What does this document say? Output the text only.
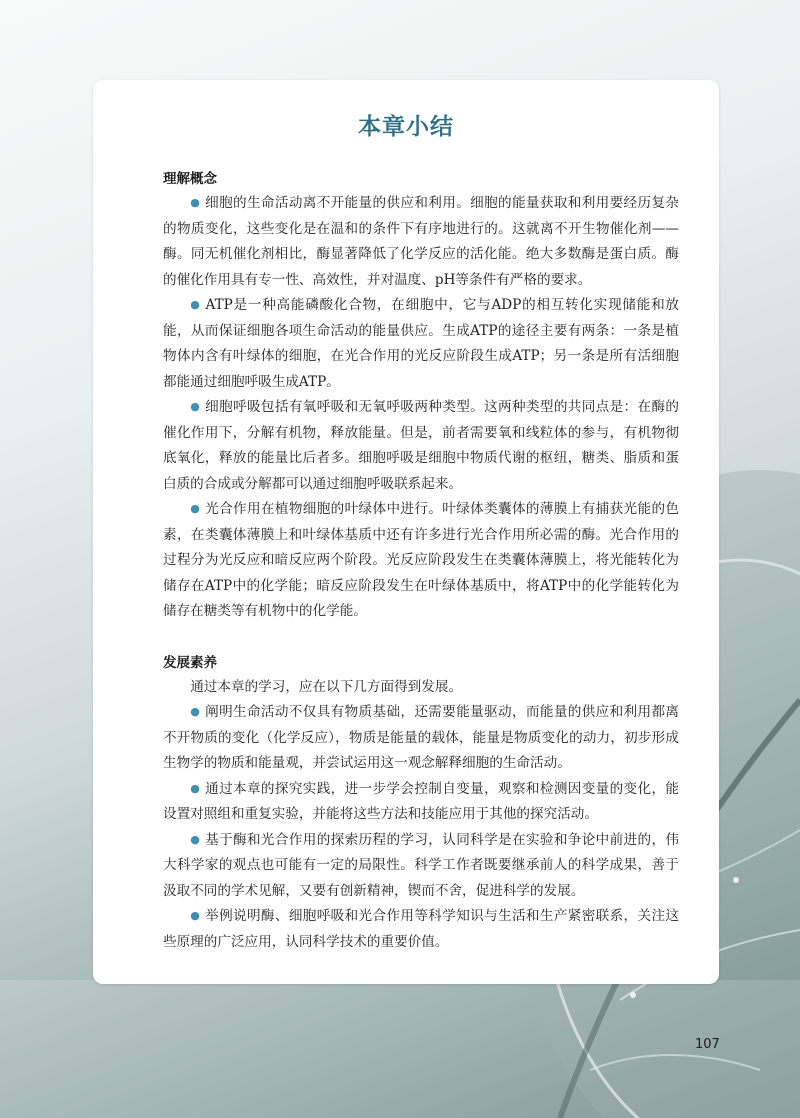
本章小结
理解概念

● 细胞的生命活动离不开能量的供应和利用。细胞的能量获取和利用要经历复杂的物质变化，这些变化是在温和的条件下有序地进行的。这就离不开生物催化剂——酶。同无机催化剂相比，酶显著降低了化学反应的活化能。绝大多数酶是蛋白质。酶的催化作用具有专一性、高效性，并对温度、pH等条件有严格的要求。

● ATP是一种高能磷酸化合物，在细胞中，它与ADP的相互转化实现储能和放能，从而保证细胞各项生命活动的能量供应。生成ATP的途径主要有两条：一条是植物体内含有叶绿体的细胞，在光合作用的光反应阶段生成ATP；另一条是所有活细胞都能通过细胞呼吸生成ATP。

● 细胞呼吸包括有氧呼吸和无氧呼吸两种类型。这两种类型的共同点是：在酶的催化作用下，分解有机物，释放能量。但是，前者需要氧和线粒体的参与，有机物彻底氧化，释放的能量比后者多。细胞呼吸是细胞中物质代谢的枢纽，糖类、脂质和蛋白质的合成或分解都可以通过细胞呼吸联系起来。

● 光合作用在植物细胞的叶绿体中进行。叶绿体类囊体的薄膜上有捕获光能的色素，在类囊体薄膜上和叶绿体基质中还有许多进行光合作用所必需的酶。光合作用的过程分为光反应和暗反应两个阶段。光反应阶段发生在类囊体薄膜上，将光能转化为储存在ATP中的化学能；暗反应阶段发生在叶绿体基质中，将ATP中的化学能转化为储存在糖类等有机物中的化学能。

发展素养

通过本章的学习，应在以下几方面得到发展。

● 阐明生命活动不仅具有物质基础，还需要能量驱动，而能量的供应和利用都离不开物质的变化（化学反应），物质是能量的载体，能量是物质变化的动力，初步形成生物学的物质和能量观，并尝试运用这一观念解释细胞的生命活动。

● 通过本章的探究实践，进一步学会控制自变量，观察和检测因变量的变化，能设置对照组和重复实验，并能将这些方法和技能应用于其他的探究活动。

● 基于酶和光合作用的探索历程的学习，认同科学是在实验和争论中前进的，伟大科学家的观点也可能有一定的局限性。科学工作者既要继承前人的科学成果，善于汲取不同的学术见解，又要有创新精神，锲而不舍，促进科学的发展。

● 举例说明酶、细胞呼吸和光合作用等科学知识与生活和生产紧密联系，关注这些原理的广泛应用，认同科学技术的重要价值。

107
